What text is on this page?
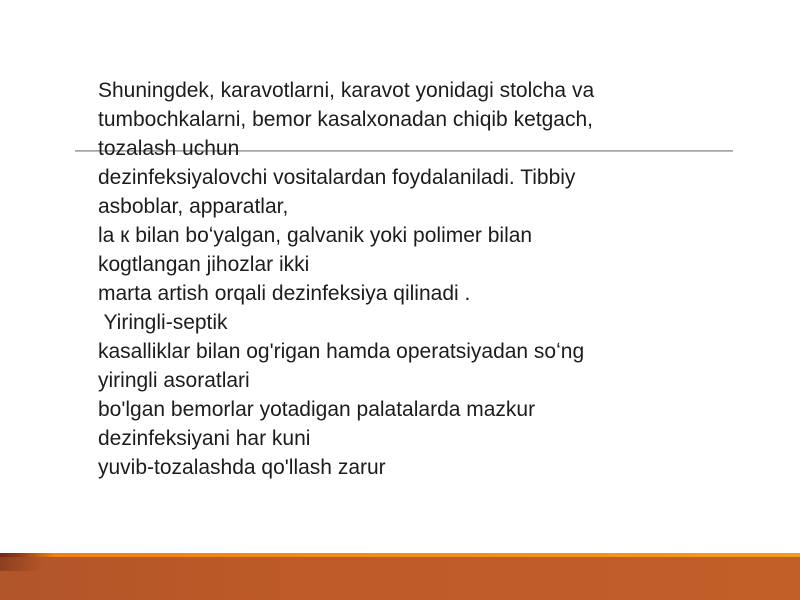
Shuningdek, karavotlarni, karavot yonidagi stolcha va
tumbochkalarni, bemor kasalxonadan chiqib ketgach,
tozalash uchun
dezinfeksiyalovchi vositalardan foydalaniladi. Tibbiy
asboblar, apparatlar,
la к bilan boʻyalgan, galvanik yoki polimer bilan
kogtlangan jihozlar ikki
marta artish orqali dezinfeksiya qilinadi .
Yiringli-septik
kasalliklar bilan og'rigan hamda operatsiyadan soʻng
yiringli asoratlari
bo'lgan bemorlar yotadigan palatalarda mazkur
dezinfeksiyani har kuni
yuvib-tozalashda qo'llash zarur
